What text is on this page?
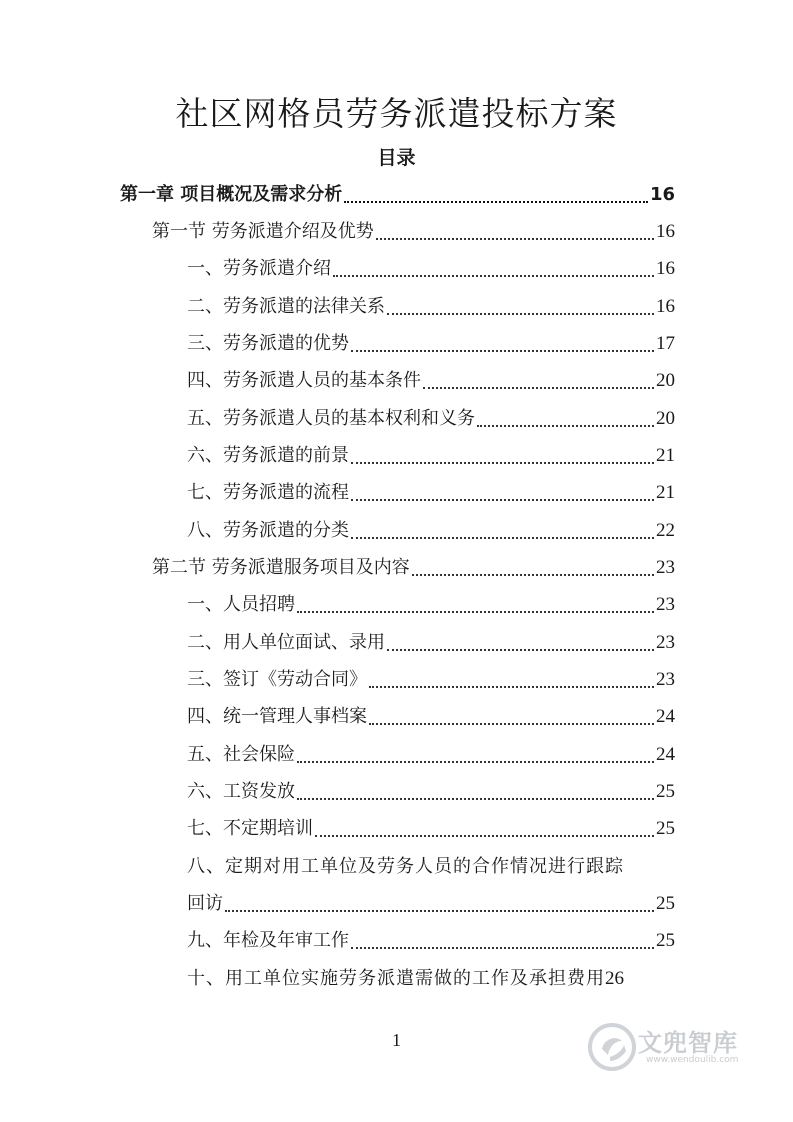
社区网格员劳务派遣投标方案
目录
第一章 项目概况及需求分析	16
第一节 劳务派遣介绍及优势	16
一、劳务派遣介绍	16
二、劳务派遣的法律关系	16
三、劳务派遣的优势	17
四、劳务派遣人员的基本条件	20
五、劳务派遣人员的基本权利和义务	20
六、劳务派遣的前景	21
七、劳务派遣的流程	21
八、劳务派遣的分类	22
第二节 劳务派遣服务项目及内容	23
一、人员招聘	23
二、用人单位面试、录用	23
三、签订《劳动合同》	23
四、统一管理人事档案	24
五、社会保险	24
六、工资发放	25
七、不定期培训	25
八、定期对用工单位及劳务人员的合作情况进行跟踪
回访	25
九、年检及年审工作	25
十、用工单位实施劳务派遣需做的工作及承担费用 26
1	文兜智库
www.wendoulib.com
